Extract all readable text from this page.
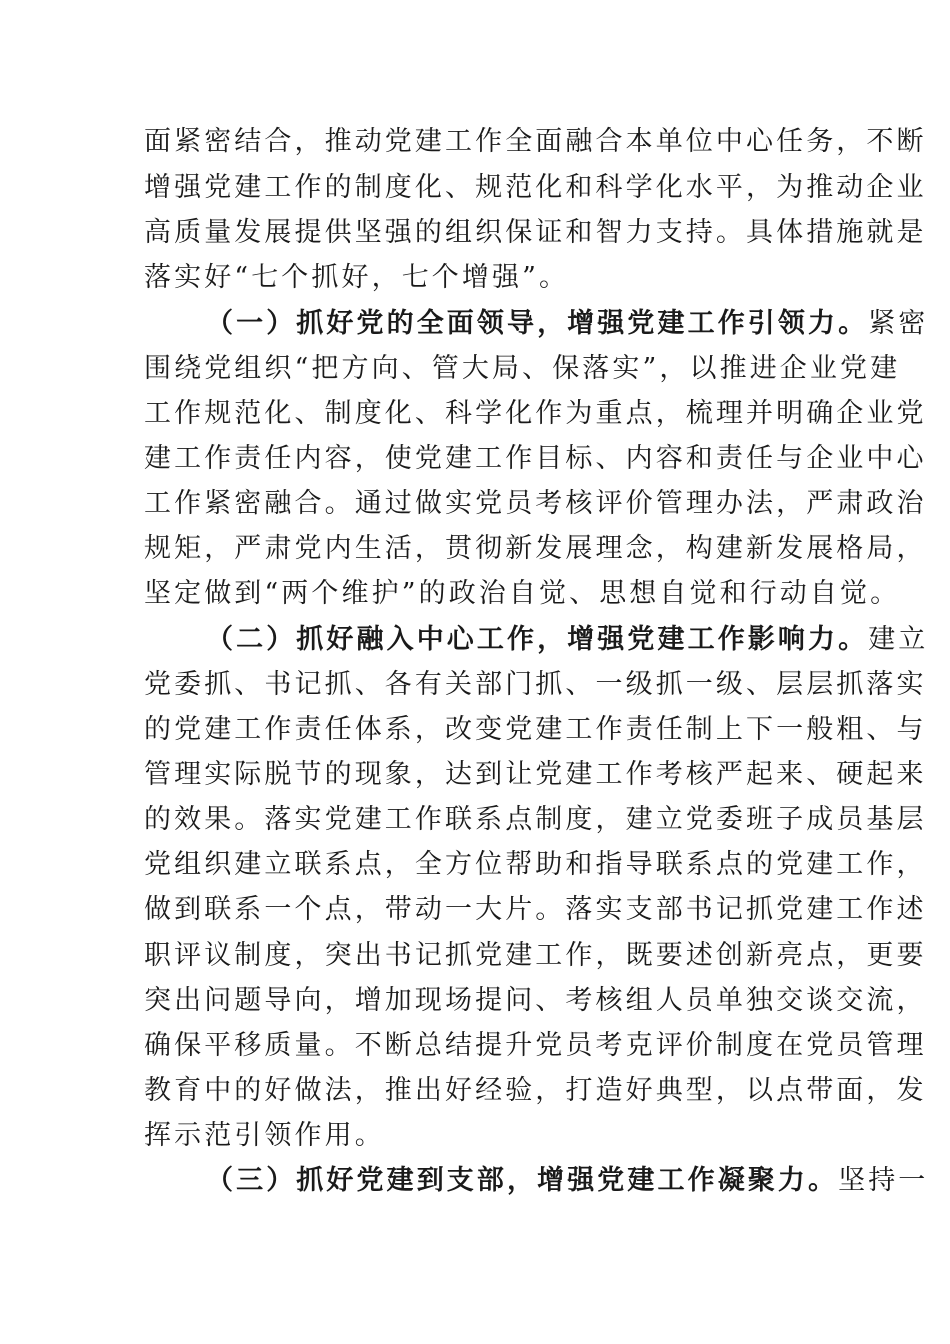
面紧密结合，推动党建工作全面融合本单位中心任务，不断
增强党建工作的制度化、规范化和科学化水平，为推动企业
高质量发展提供坚强的组织保证和智力支持。具体措施就是
落实好“七个抓好，七个增强”。
（一）抓好党的全面领导，增强党建工作引领力。紧密
围绕党组织“把方向、管大局、保落实”，以推进企业党建
工作规范化、制度化、科学化作为重点，梳理并明确企业党
建工作责任内容，使党建工作目标、内容和责任与企业中心
工作紧密融合。通过做实党员考核评价管理办法，严肃政治
规矩，严肃党内生活，贯彻新发展理念，构建新发展格局，
坚定做到“两个维护”的政治自觉、思想自觉和行动自觉。
（二）抓好融入中心工作，增强党建工作影响力。建立
党委抓、书记抓、各有关部门抓、一级抓一级、层层抓落实
的党建工作责任体系，改变党建工作责任制上下一般粗、与
管理实际脱节的现象，达到让党建工作考核严起来、硬起来
的效果。落实党建工作联系点制度，建立党委班子成员基层
党组织建立联系点，全方位帮助和指导联系点的党建工作，
做到联系一个点，带动一大片。落实支部书记抓党建工作述
职评议制度，突出书记抓党建工作，既要述创新亮点，更要
突出问题导向，增加现场提问、考核组人员单独交谈交流，
确保平移质量。不断总结提升党员考克评价制度在党员管理
教育中的好做法，推出好经验，打造好典型，以点带面，发
挥示范引领作用。
（三）抓好党建到支部，增强党建工作凝聚力。坚持一
